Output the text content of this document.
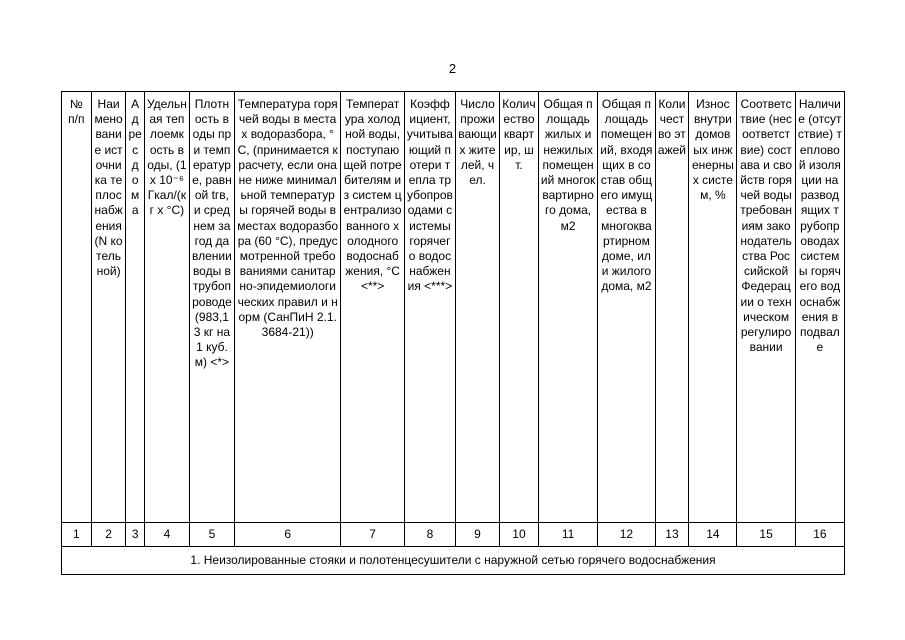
2
№ п/п	Наименование источника теплоснабжения (N котельной)	Адрес дома	Удельная теплоемкость воды, (1 x 10⁻⁶ Гкал/(кг x °С)	Плотность воды при температуре, равной tгв, и среднем за год давлении воды в трубопроводе (983,13 кг на 1 куб. м) <*>	Температура горячей воды в местах водоразбора, °С, (принимается к расчету, если она не ниже минимальной температуры горячей воды в местах водоразбора (60 °С), предусмотренной требованиями санитарно-эпидемиологических правил и норм (СанПиН 2.1.3684-21))	Температура холодной воды, поступающей потребителям из систем централизованного холодного водоснабжения, °С <**>	Коэффициент, учитывающий потери тепла трубопроводами системы горячего водоснабжения <***>	Число проживающих жителей, чел.	Количество квартир, шт.	Общая площадь жилых и нежилых помещений многоквартирного дома, м2	Общая площадь помещений, входящих в состав общего имущества в многоквартирном доме, или жилого дома, м2	Количество этажей	Износ внутридомовых инженерных систем, %	Соответствие (несоответствие) состава и свойств горячей воды требованиям законодательства Российской Федерации о техническом регулировании	Наличие (отсутствие) тепловой изоляции на разводящих трубопроводах системы горячего водоснабжения в подвале
1	2	3	4	5	6	7	8	9	10	11	12	13	14	15	16
1. Неизолированные стояки и полотенцесушители с наружной сетью горячего водоснабжения															
